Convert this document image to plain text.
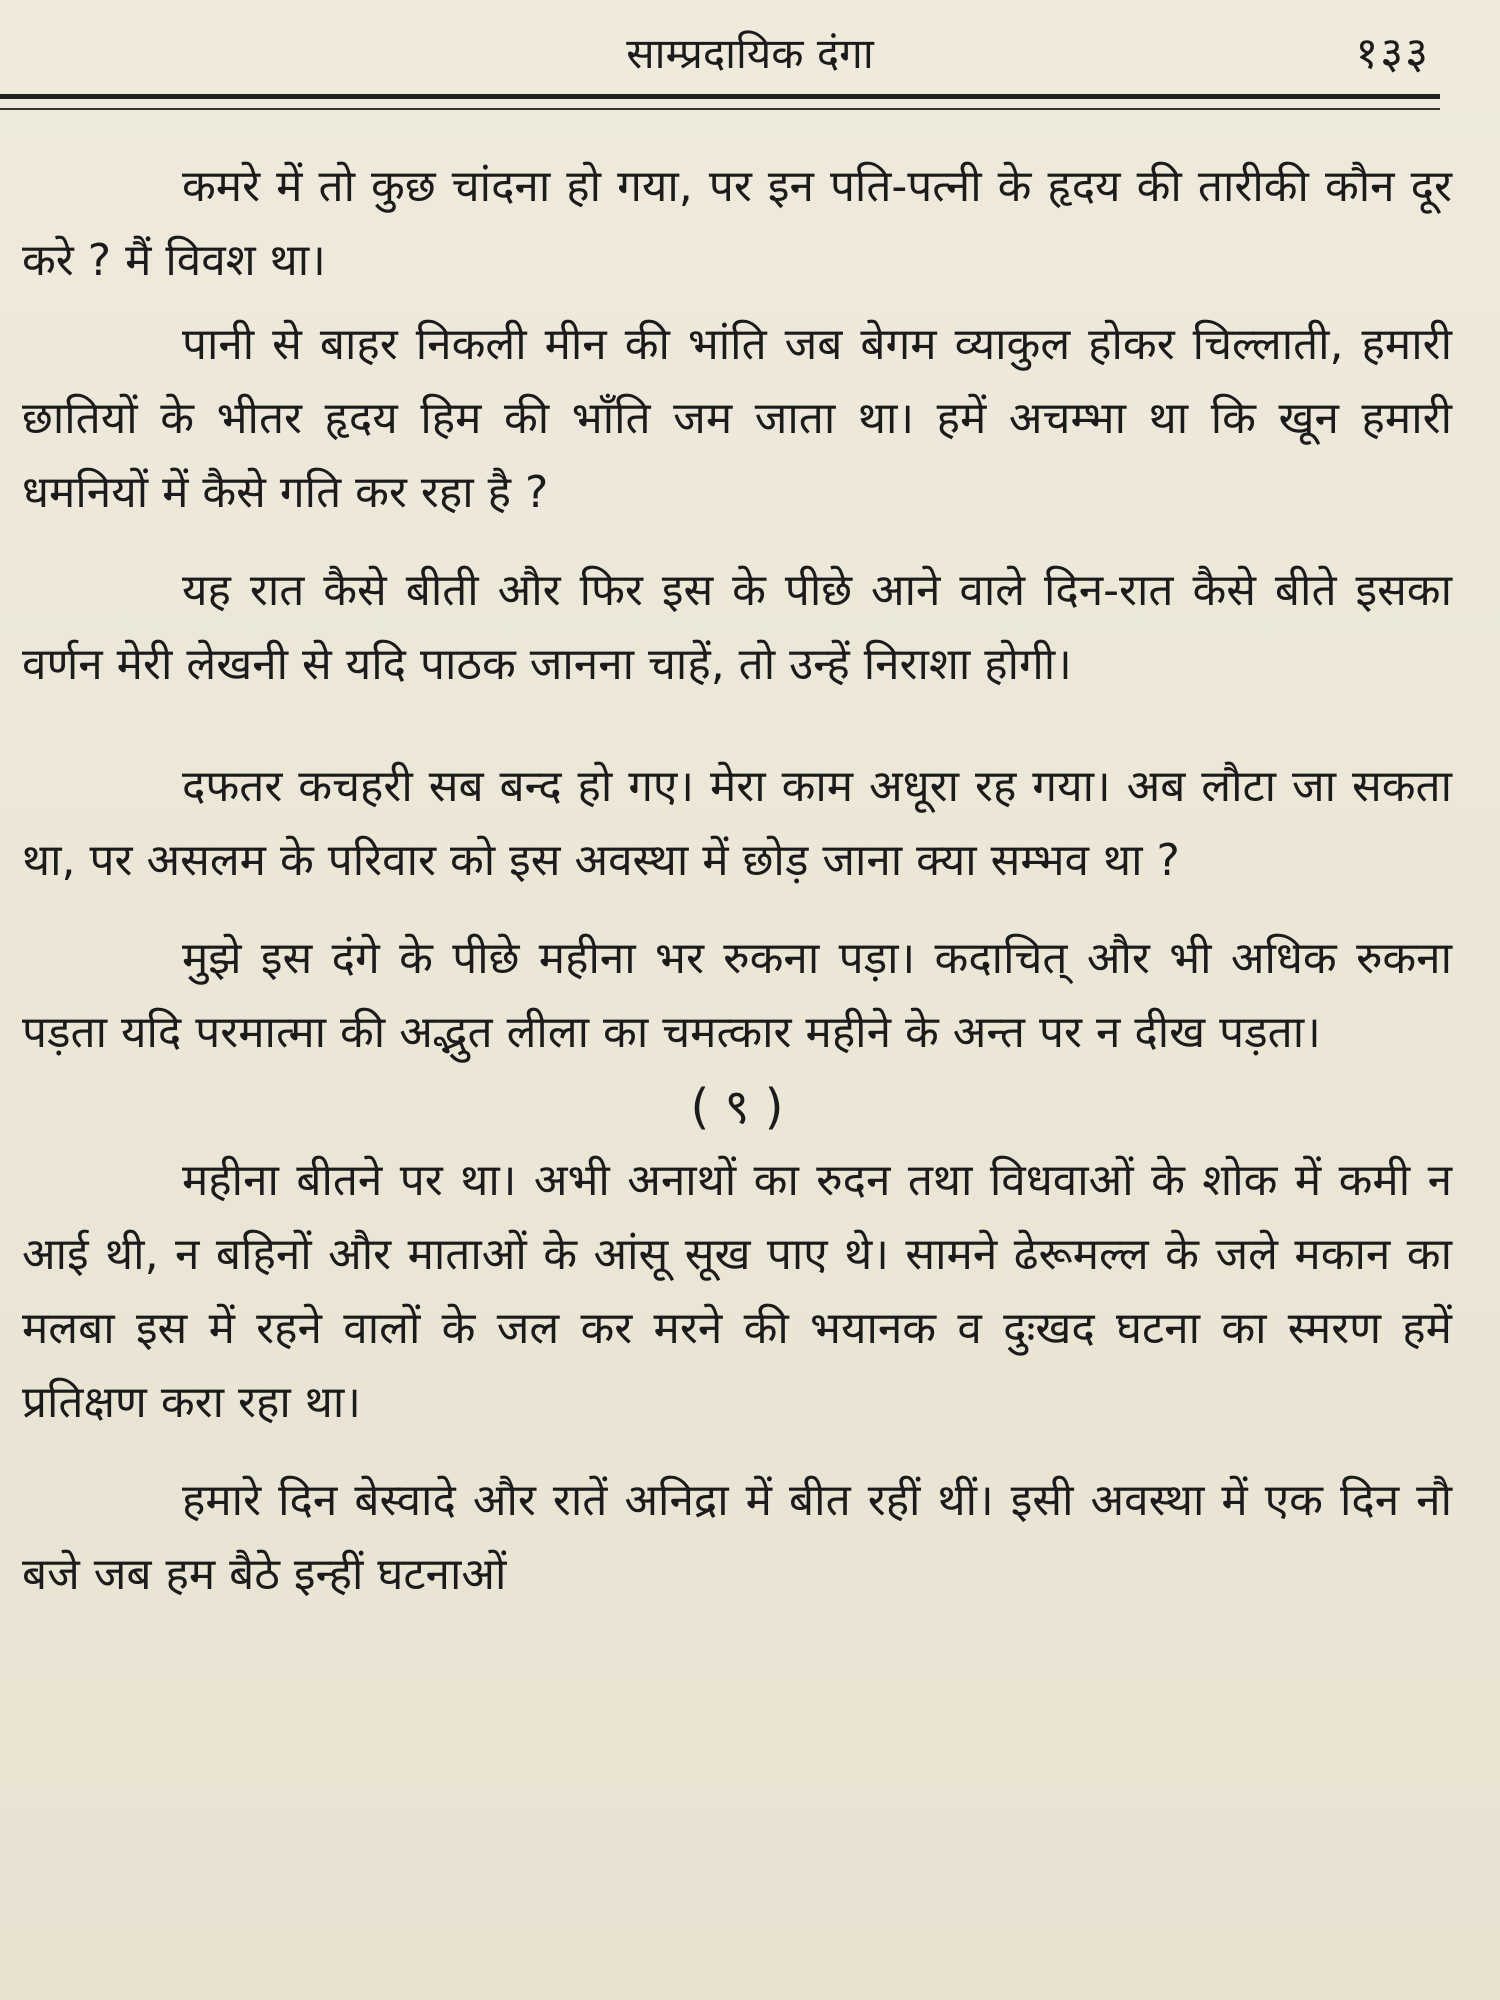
साम्प्रदायिक दंगा	१३३

कमरे में तो कुछ चांदना हो गया, पर इन पति-पत्नी के हृदय की तारीकी कौन दूर करे ? मैं विवश था।

पानी से बाहर निकली मीन की भांति जब बेगम व्याकुल होकर चिल्लाती, हमारी छातियों के भीतर हृदय हिम की भाँति जम जाता था। हमें अचम्भा था कि खून हमारी धमनियों में कैसे गति कर रहा है ?

यह रात कैसे बीती और फिर इस के पीछे आने वाले दिन-रात कैसे बीते इसका वर्णन मेरी लेखनी से यदि पाठक जानना चाहें, तो उन्हें निराशा होगी।

दफतर कचहरी सब बन्द हो गए। मेरा काम अधूरा रह गया। अब लौटा जा सकता था, पर असलम के परिवार को इस अवस्था में छोड़ जाना क्या सम्भव था ?

मुझे इस दंगे के पीछे महीना भर रुकना पड़ा। कदाचित् और भी अधिक रुकना पड़ता यदि परमात्मा की अद्भुत लीला का चमत्कार महीने के अन्त पर न दीख पड़ता।

( ९ )

महीना बीतने पर था। अभी अनाथों का रुदन तथा विधवाओं के शोक में कमी न आई थी, न बहिनों और माताओं के आंसू सूख पाए थे। सामने ढेरूमल्ल के जले मकान का मलबा इस में रहने वालों के जल कर मरने की भयानक व दुःखद घटना का स्मरण हमें प्रतिक्षण करा रहा था।

हमारे दिन बेस्वादे और रातें अनिद्रा में बीत रहीं थीं। इसी अवस्था में एक दिन नौ बजे जब हम बैठे इन्हीं घटनाओं
